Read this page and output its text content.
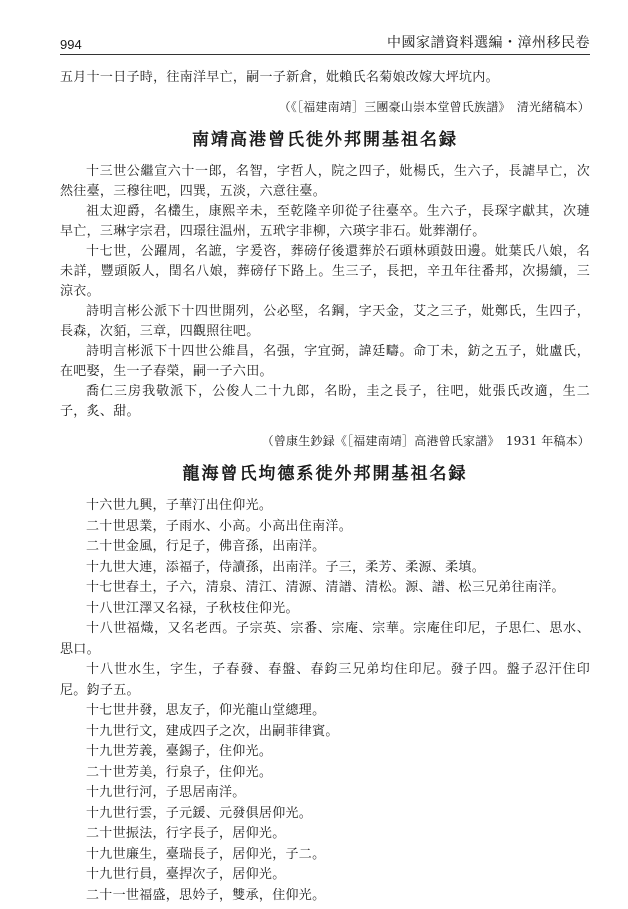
994	中國家譜資料選編・漳州移民卷

五月十一日子時，往南洋早亡，嗣一子新倉，妣賴氏名菊娘改嫁大坪坑内。

（《［福建南靖］三團豪山崇本堂曾氏族譜》　清光緒稿本）

南靖高港曾氏徙外邦開基祖名録

十三世公繼宣六十一郎，名智，字哲人，院之四子，妣楊氏，生六子，長謔早亡，次然往臺，三穆往吧，四巽，五淡，六意往臺。

祖太迎爵，名欉生，康熙辛未，至乾隆辛卯從子往臺卒。生六子，長琛字獻其，次璉早亡，三琳字宗君，四璟往温州，五玳字非柳，六瑛字非石。妣葬潮仔。

十七世，公躍周，名謶，字爰咨，葬磅仔後還葬於石頭林頭鼓田邊。妣葉氏八娘，名未詳，豐頭阪人，閏名八娘，葬磅仔下路上。生三子，長把，辛丑年往番邦，次揚續，三涼衣。

詩明言彬公派下十四世開列，公必堅，名鋼，字天金，艾之三子，妣鄭氏，生四子，長森，次貊，三章，四觀照往吧。

詩明言彬派下十四世公維昌，名强，字宜弼，諱廷疇。命丁未，鈁之五子，妣盧氏，在吧娶，生一子春榮，嗣一子六田。

喬仁三房我敬派下，公俊人二十九郎，名盼，圭之長子，往吧，妣張氏改適，生二子，炙、甜。

（曾康生鈔録《［福建南靖］高港曾氏家譜》　1931 年稿本）

龍海曾氏坸德系徙外邦開基祖名録

十六世九興，子華汀出住仰光。

二十世思業，子雨水、小高。小高出住南洋。

二十世金風，行足子，佛音孫，出南洋。

十九世大連，添福子，侍讀孫，出南洋。子三，柔芳、柔源、柔填。

十七世春土，子六，清泉、清江、清源、清譜、清松。源、譜、松三兄弟往南洋。

十八世江澤又名禄，子秋枝住仰光。

十八世福熾，又名老西。子宗英、宗番、宗庵、宗華。宗庵住印尼，子思仁、思水、思口。

十八世水生，字生，子春發、春盤、春鈞三兄弟均住印尼。發子四。盤子忍汗住印尼。鈞子五。

十七世井發，思友子，仰光龍山堂總理。

十九世行文，建成四子之次，出嗣菲律賓。

十九世芳義，臺錫子，住仰光。

二十世芳美，行泉子，住仰光。

十九世行河，子思居南洋。

十九世行雲，子元鍰、元發俱居仰光。

二十世振法，行字長子，居仰光。

十九世廉生，臺瑞長子，居仰光，子二。

十九世行員，臺捍次子，居仰光。

二十一世福盛，思妗子，雙承，住仰光。
